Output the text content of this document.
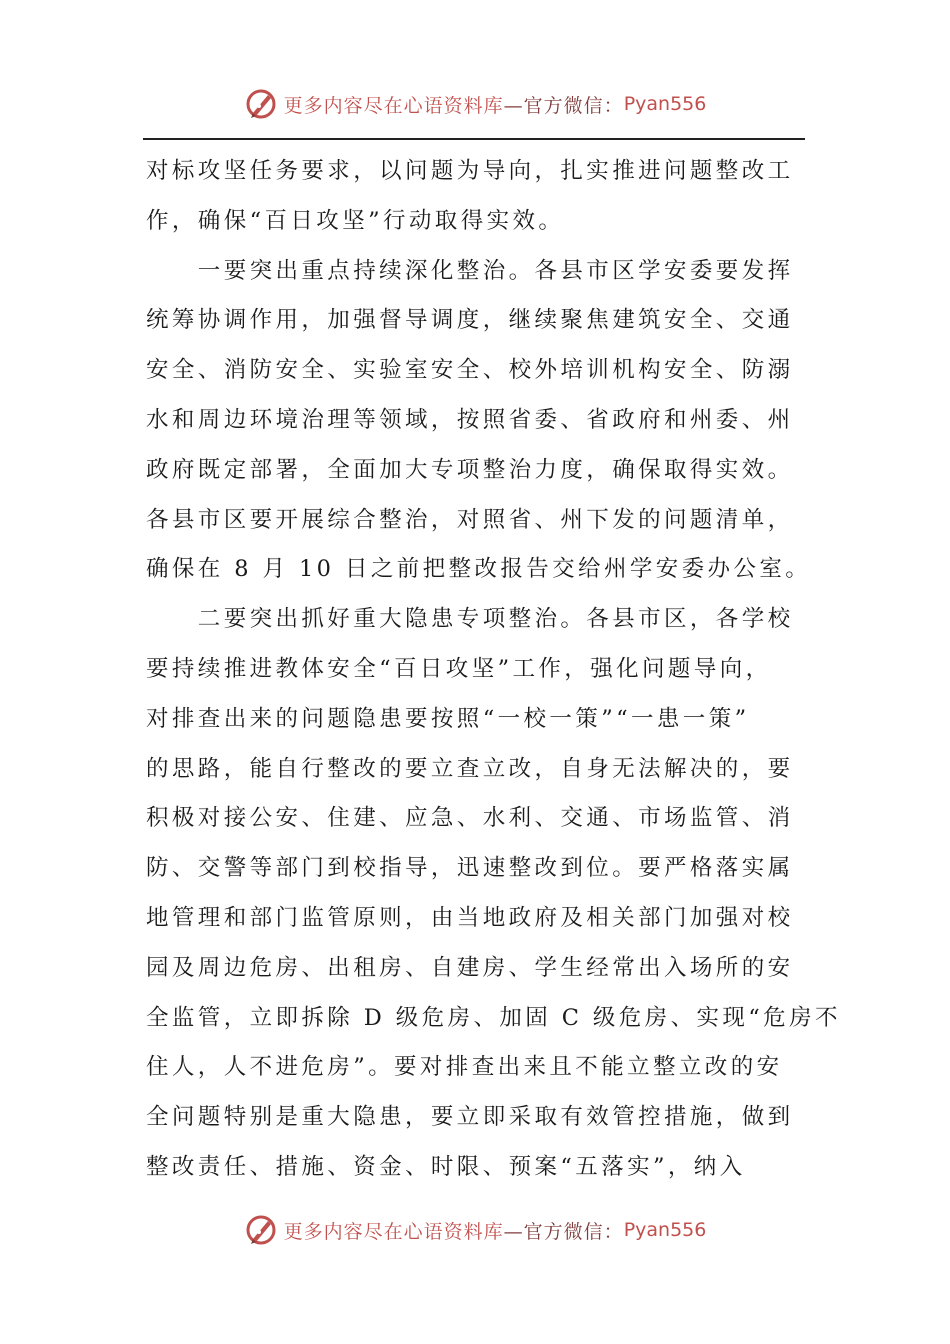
更多内容尽在心语资料库 —官方微信： Pyan556
对标攻坚任务要求，以问题为导向，扎实推进问题整改工
作，确保“百日攻坚”行动取得实效。
　　一要突出重点持续深化整治。各县市区学安委要发挥
统筹协调作用，加强督导调度，继续聚焦建筑安全、交通
安全、消防安全、实验室安全、校外培训机构安全、防溺
水和周边环境治理等领域，按照省委、省政府和州委、州
政府既定部署，全面加大专项整治力度，确保取得实效。
各县市区要开展综合整治，对照省、州下发的问题清单，
确保在 8 月 10 日之前把整改报告交给州学安委办公室。
　　二要突出抓好重大隐患专项整治。各县市区，各学校
要持续推进教体安全“百日攻坚”工作，强化问题导向，
对排查出来的问题隐患要按照“一校一策”“一患一策”
的思路，能自行整改的要立查立改，自身无法解决的，要
积极对接公安、住建、应急、水利、交通、市场监管、消
防、交警等部门到校指导，迅速整改到位。要严格落实属
地管理和部门监管原则，由当地政府及相关部门加强对校
园及周边危房、出租房、自建房、学生经常出入场所的安
全监管，立即拆除 D 级危房、加固 C 级危房、实现“危房不
住人，人不进危房”。要对排查出来且不能立整立改的安
全问题特别是重大隐患，要立即采取有效管控措施，做到
整改责任、措施、资金、时限、预案“五落实”，纳入
更多内容尽在心语资料库 —官方微信： Pyan556
